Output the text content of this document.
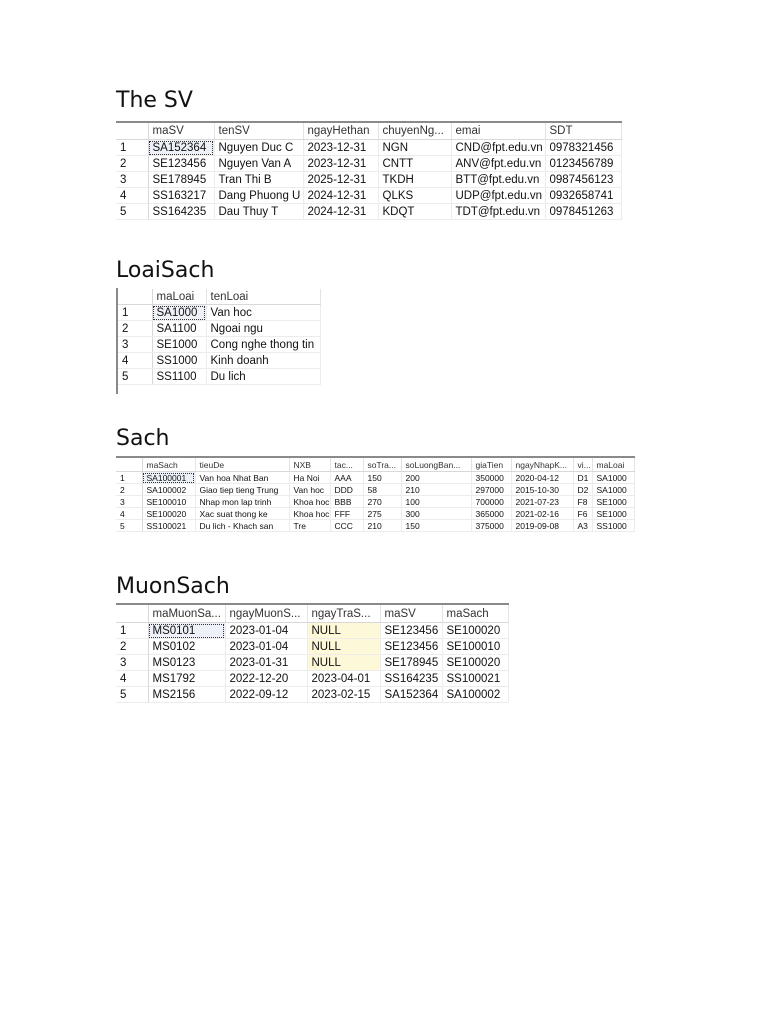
The SV
	maSV	tenSV	ngayHethan	chuyenNg...	emai	SDT
1	SA152364	Nguyen Duc C	2023-12-31	NGN	CND@fpt.edu.vn	0978321456
2	SE123456	Nguyen Van A	2023-12-31	CNTT	ANV@fpt.edu.vn	0123456789
3	SE178945	Tran Thi B	2025-12-31	TKDH	BTT@fpt.edu.vn	0987456123
4	SS163217	Dang Phuong U	2024-12-31	QLKS	UDP@fpt.edu.vn	0932658741
5	SS164235	Dau Thuy T	2024-12-31	KDQT	TDT@fpt.edu.vn	0978451263
LoaiSach
	maLoai	tenLoai
1	SA1000	Van hoc
2	SA1100	Ngoai ngu
3	SE1000	Cong nghe thong tin
4	SS1000	Kinh doanh
5	SS1100	Du lich
Sach
	maSach	tieuDe	NXB	tac...	soTra...	soLuongBan...	giaTien	ngayNhapK...	vi...	maLoai
1	SA100001	Van hoa Nhat Ban	Ha Noi	AAA	150	200	350000	2020-04-12	D1	SA1000
2	SA100002	Giao tiep tieng Trung	Van hoc	DDD	58	210	297000	2015-10-30	D2	SA1000
3	SE100010	Nhap mon lap trinh	Khoa hoc	BBB	270	100	700000	2021-07-23	F8	SE1000
4	SE100020	Xac suat thong ke	Khoa hoc	FFF	275	300	365000	2021-02-16	F6	SE1000
5	SS100021	Du lich - Khach san	Tre	CCC	210	150	375000	2019-09-08	A3	SS1000
MuonSach
	maMuonSa...	ngayMuonS...	ngayTraS...	maSV	maSach
1	MS0101	2023-01-04	NULL	SE123456	SE100020
2	MS0102	2023-01-04	NULL	SE123456	SE100010
3	MS0123	2023-01-31	NULL	SE178945	SE100020
4	MS1792	2022-12-20	2023-04-01	SS164235	SS100021
5	MS2156	2022-09-12	2023-02-15	SA152364	SA100002
